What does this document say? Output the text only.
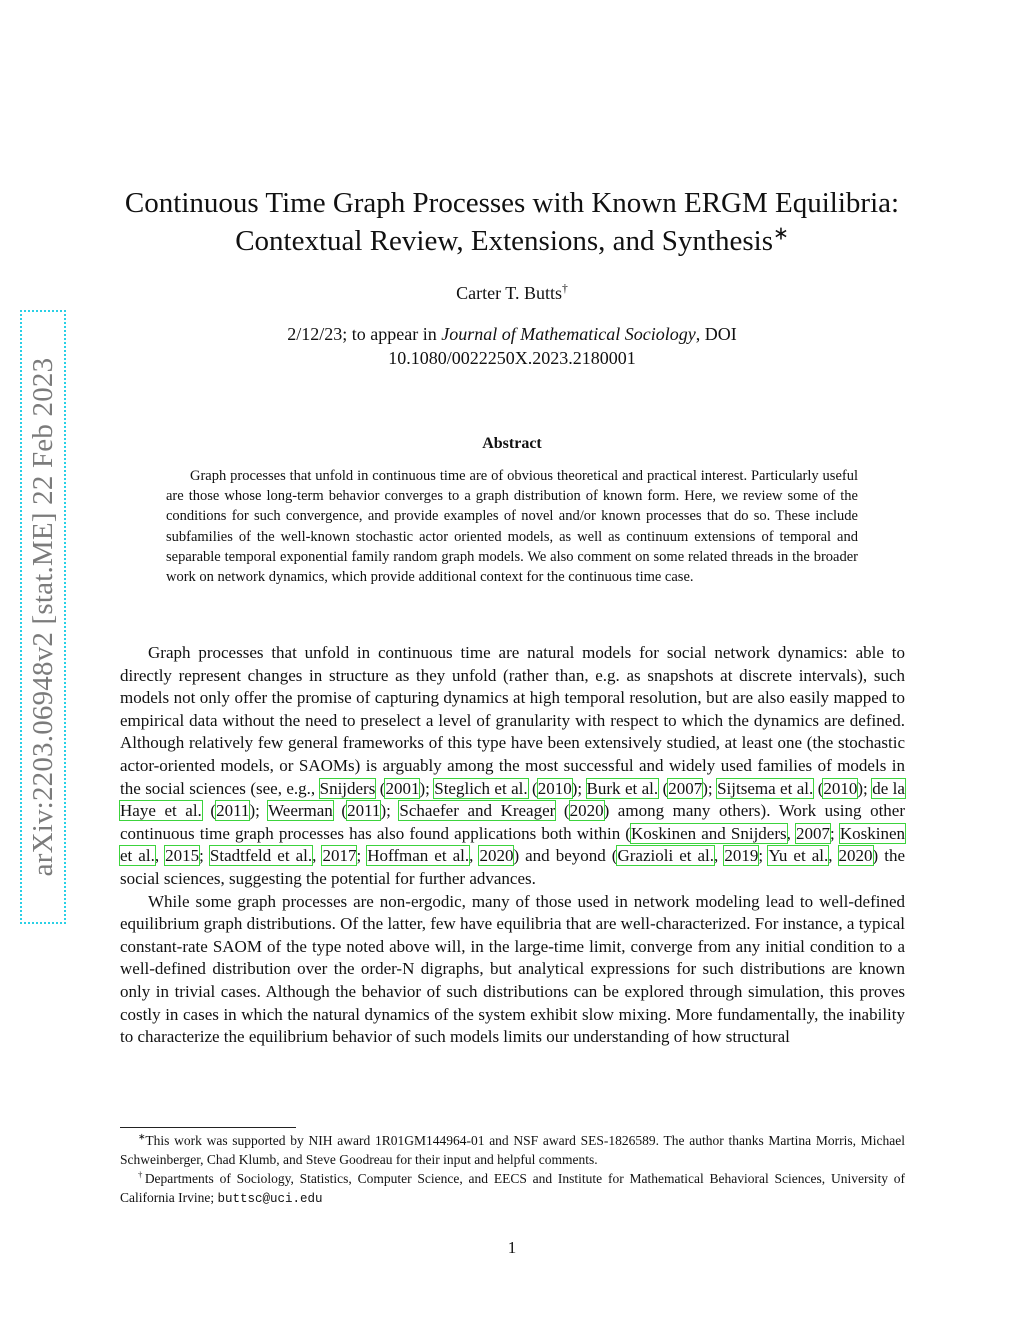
arXiv:2203.06948v2 [stat.ME] 22 Feb 2023
Continuous Time Graph Processes with Known ERGM Equilibria:
Contextual Review, Extensions, and Synthesis∗
Carter T. Butts†
2/12/23; to appear in Journal of Mathematical Sociology, DOI
10.1080/0022250X.2023.2180001
Abstract

Graph processes that unfold in continuous time are of obvious theoretical and practical interest. Particularly useful are those whose long-term behavior converges to a graph distribution of known form. Here, we review some of the conditions for such convergence, and provide examples of novel and/or known processes that do so. These include subfamilies of the well-known stochastic actor oriented models, as well as continuum extensions of temporal and separable temporal exponential family random graph models. We also comment on some related threads in the broader work on network dynamics, which provide additional context for the continuous time case.

Graph processes that unfold in continuous time are natural models for social network dynamics: able to directly represent changes in structure as they unfold (rather than, e.g. as snapshots at discrete intervals), such models not only offer the promise of capturing dynamics at high temporal resolution, but are also easily mapped to empirical data without the need to preselect a level of granularity with respect to which the dynamics are defined. Although relatively few general frameworks of this type have been extensively studied, at least one (the stochastic actor-oriented models, or SAOMs) is arguably among the most successful and widely used families of models in the social sciences (see, e.g., Snijders (2001); Steglich et al. (2010); Burk et al. (2007); Sijtsema et al. (2010); de la Haye et al. (2011); Weerman (2011); Schaefer and Kreager (2020) among many others). Work using other continuous time graph processes has also found applications both within (Koskinen and Snijders, 2007; Koskinen et al., 2015; Stadtfeld et al., 2017; Hoffman et al., 2020) and beyond (Grazioli et al., 2019; Yu et al., 2020) the social sciences, suggesting the potential for further advances.

While some graph processes are non-ergodic, many of those used in network modeling lead to well-defined equilibrium graph distributions. Of the latter, few have equilibria that are well-characterized. For instance, a typical constant-rate SAOM of the type noted above will, in the large-time limit, converge from any initial condition to a well-defined distribution over the order-N digraphs, but analytical expressions for such distributions are known only in trivial cases. Although the behavior of such distributions can be explored through simulation, this proves costly in cases in which the natural dynamics of the system exhibit slow mixing. More fundamentally, the inability to characterize the equilibrium behavior of such models limits our understanding of how structural

∗This work was supported by NIH award 1R01GM144964-01 and NSF award SES-1826589. The author thanks Martina Morris, Michael Schweinberger, Chad Klumb, and Steve Goodreau for their input and helpful comments.

†Departments of Sociology, Statistics, Computer Science, and EECS and Institute for Mathematical Behavioral Sciences, University of California Irvine; buttsc@uci.edu

1
